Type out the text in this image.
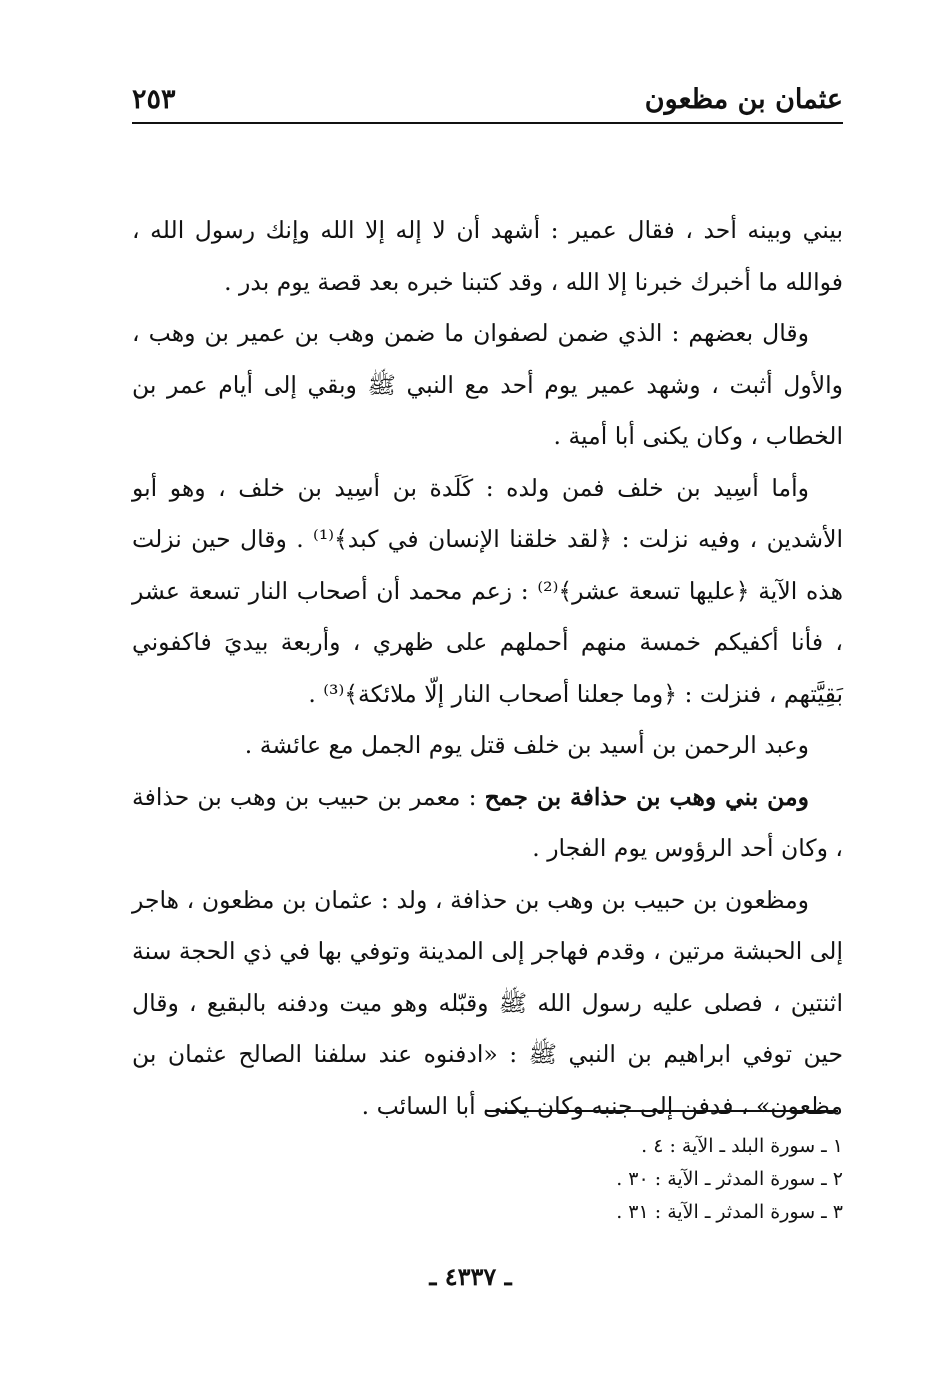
عثمان بن مظعون
٢٥٣

بيني وبينه أحد ، فقال عمير : أشهد أن لا إله إلا الله وإنك رسول الله ، فوالله ما أخبرك خبرنا إلا الله ، وقد كتبنا خبره بعد قصة يوم بدر .

وقال بعضهم : الذي ضمن لصفوان ما ضمن وهب بن عمير بن وهب ، والأول أثبت ، وشهد عمير يوم أحد مع النبي ﷺ وبقي إلى أيام عمر بن الخطاب ، وكان يكنى أبا أمية .

وأما أسِيد بن خلف فمن ولده : كَلَدة بن أسِيد بن خلف ، وهو أبو الأشدين ، وفيه نزلت : ﴿لقد خلقنا الإنسان في كبد﴾⁽¹⁾ . وقال حين نزلت هذه الآية ﴿عليها تسعة عشر﴾⁽²⁾ : زعم محمد أن أصحاب النار تسعة عشر ، فأنا أكفيكم خمسة منهم أحملهم على ظهري ، وأربعة بيديَ فاكفوني بَقِيَّتهم ، فنزلت : ﴿وما جعلنا أصحاب النار إلّا ملائكة﴾⁽³⁾ .

وعبد الرحمن بن أسيد بن خلف قتل يوم الجمل مع عائشة .

ومن بني وهب بن حذافة بن جمح : معمر بن حبيب بن وهب بن حذافة ، وكان أحد الرؤوس يوم الفجار .

ومظعون بن حبيب بن وهب بن حذافة ، ولد : عثمان بن مظعون ، هاجر إلى الحبشة مرتين ، وقدم فهاجر إلى المدينة وتوفي بها في ذي الحجة سنة اثنتين ، فصلى عليه رسول الله ﷺ وقبّله وهو ميت ودفنه بالبقيع ، وقال حين توفي ابراهيم بن النبي ﷺ : «ادفنوه عند سلفنا الصالح عثمان بن مظعون» ، فدفن إلى جنبه وكان يكنى أبا السائب .

١ ـ سورة البلد ـ الآية : ٤ .

٢ ـ سورة المدثر ـ الآية : ٣٠ .

٣ ـ سورة المدثر ـ الآية : ٣١ .

ـ ٤٣٣٧ ـ
